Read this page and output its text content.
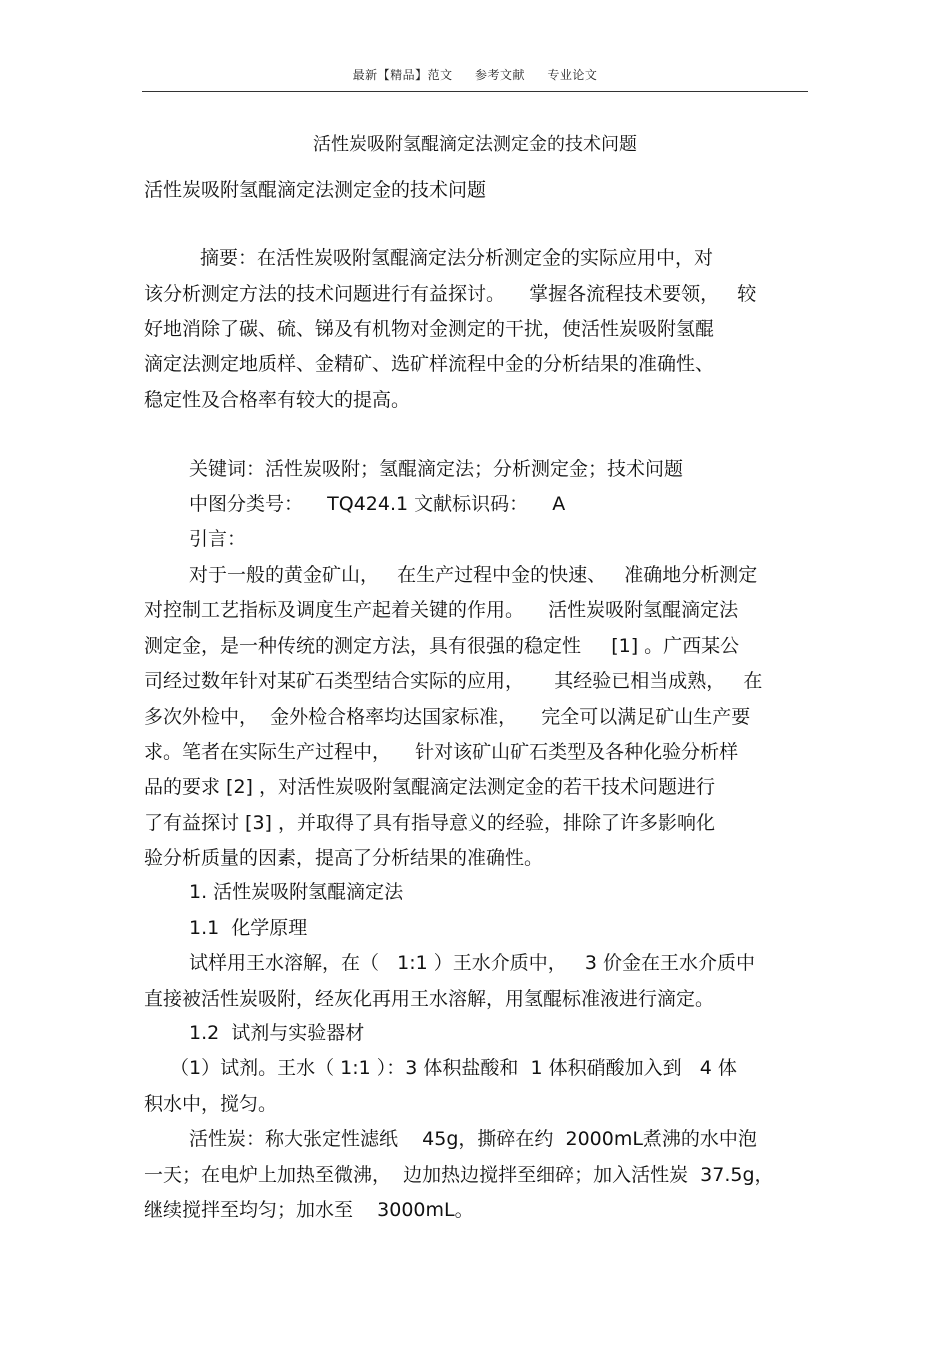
最新【精品】范文 参考文献 专业论文
活性炭吸附氢醌滴定法测定金的技术问题
活性炭吸附氢醌滴定法测定金的技术问题
摘要：在活性炭吸附氢醌滴定法分析测定金的实际应用中，对
该分析测定方法的技术问题进行有益探讨。    掌握各流程技术要领，   较
好地消除了碳、硫、锑及有机物对金测定的干扰，使活性炭吸附氢醌
滴定法测定地质样、金精矿、选矿样流程中金的分析结果的准确性、
稳定性及合格率有较大的提高。
关键词：活性炭吸附；氢醌滴定法；分析测定金；技术问题
中图分类号：    TQ424.1 文献标识码：    A
引言：
对于一般的黄金矿山，   在生产过程中金的快速、   准确地分析测定
对控制工艺指标及调度生产起着关键的作用。    活性炭吸附氢醌滴定法
测定金，是一种传统的测定方法，具有很强的稳定性     [1] 。广西某公
司经过数年针对某矿石类型结合实际的应用，     其经验已相当成熟，   在
多次外检中，  金外检合格率均达国家标准，    完全可以满足矿山生产要
求。笔者在实际生产过程中，    针对该矿山矿石类型及各种化验分析样
品的要求 [2] ，对活性炭吸附氢醌滴定法测定金的若干技术问题进行
了有益探讨 [3] ，并取得了具有指导意义的经验，排除了许多影响化
验分析质量的因素，提高了分析结果的准确性。
1. 活性炭吸附氢醌滴定法
1.1  化学原理
试样用王水溶解，在（   1:1 ）王水介质中，   3 价金在王水介质中
直接被活性炭吸附，经灰化再用王水溶解，用氢醌标准液进行滴定。
1.2  试剂与实验器材
（1）试剂。王水（ 1:1 ）：3 体积盐酸和  1 体积硝酸加入到   4 体
积水中，搅匀。
活性炭：称大张定性滤纸    45g，撕碎在约  2000mL煮沸的水中泡
一天；在电炉上加热至微沸，  边加热边搅拌至细碎；加入活性炭  37.5g，
继续搅拌至均匀；加水至    3000mL。
